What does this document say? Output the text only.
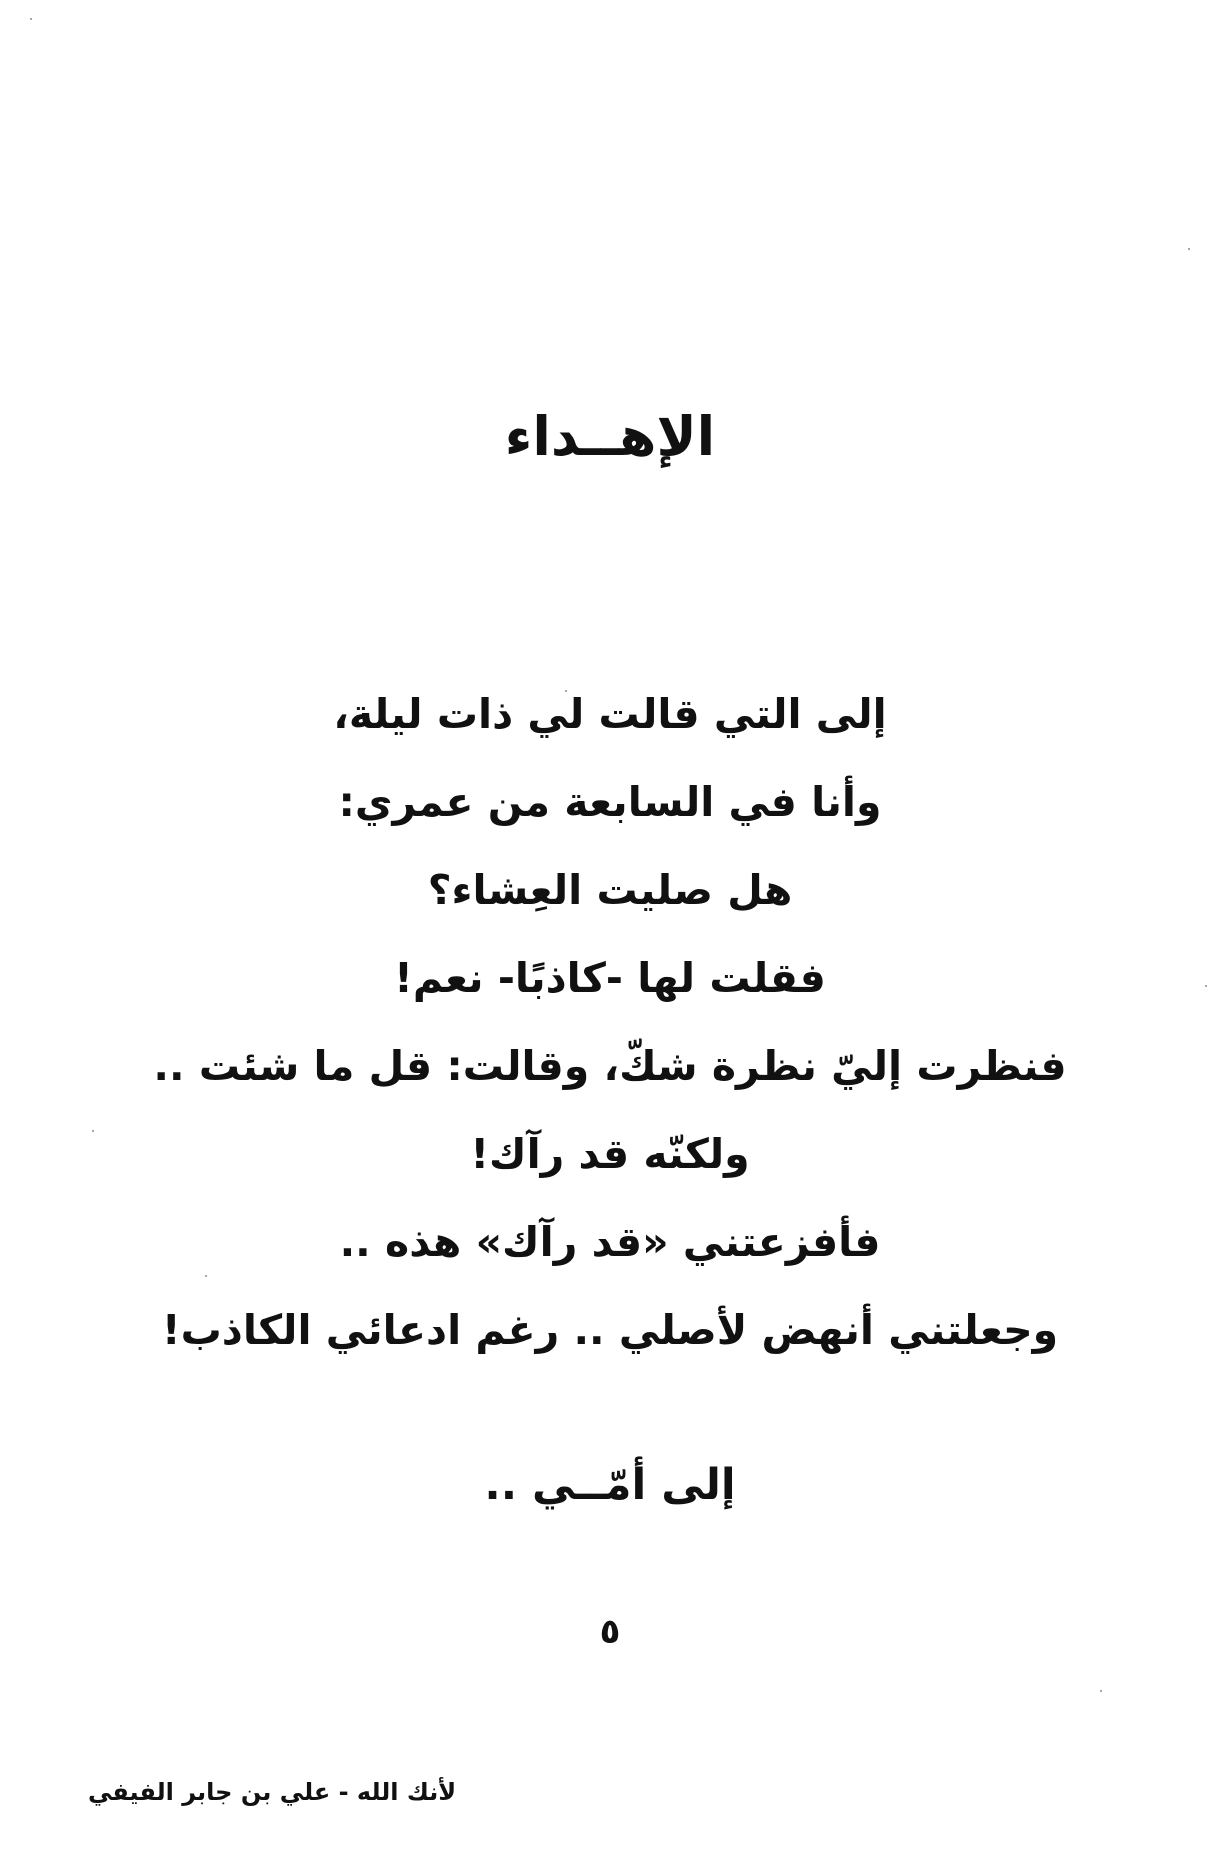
الإهــداء
إلى التي قالت لي ذات ليلة،
وأنا في السابعة من عمري:
هل صليت العِشاء؟
فقلت لها -كاذبًا- نعم!
فنظرت إليّ نظرة شكّ، وقالت: قل ما شئت ..
ولكنّه قد رآك!
فأفزعتني «قد رآك» هذه ..
وجعلتني أنهض لأصلي .. رغم ادعائي الكاذب!
إلى أمّــي ..
٥
لأنك الله - علي بن جابر الفيفي
